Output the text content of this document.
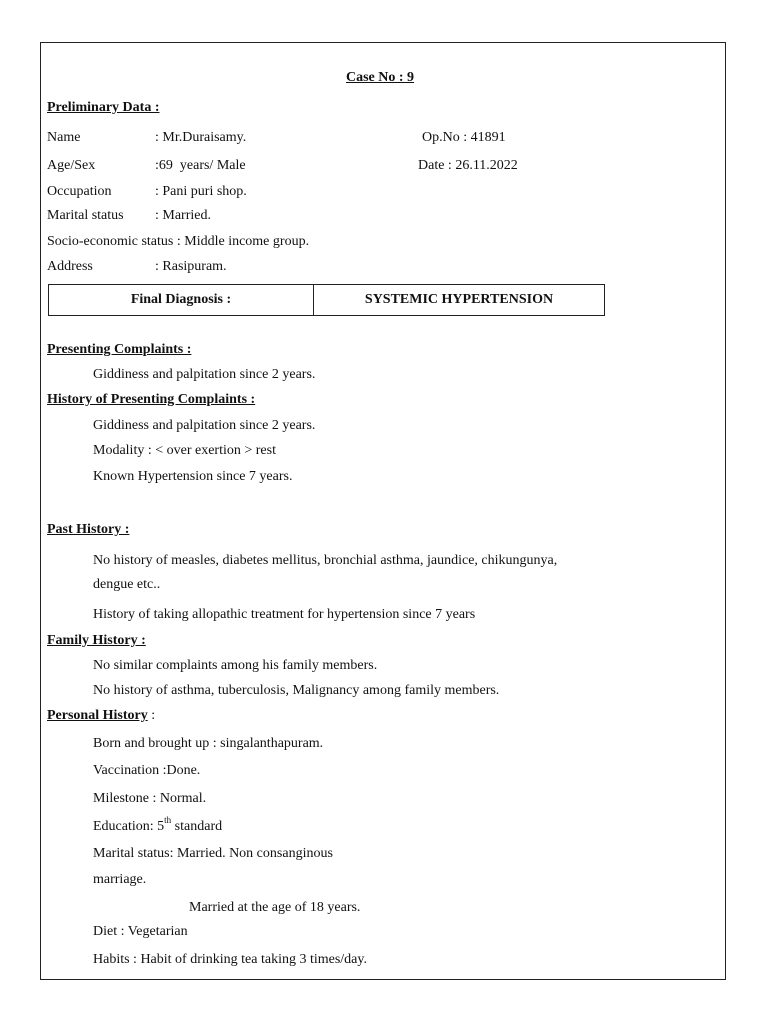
Case No : 9
Preliminary Data :
Name	: Mr.Duraisamy.	Op.No : 41891
Age/Sex	:69  years/ Male	Date : 26.11.2022
Occupation	: Pani puri shop.
Marital status : Married.
Socio-economic status : Middle income group.
Address	: Rasipuram.
Final Diagnosis :	SYSTEMIC HYPERTENSION
Presenting Complaints :
Giddiness and palpitation since 2 years.
History of Presenting Complaints :
Giddiness and palpitation since 2 years.
Modality : < over exertion > rest
Known Hypertension since 7 years.
Past History :
No history of measles, diabetes mellitus, bronchial asthma, jaundice, chikungunya,
dengue etc..
History of taking allopathic treatment for hypertension since 7 years
Family History :
No similar complaints among his family members.
No history of asthma, tuberculosis, Malignancy among family members.
Personal History :
Born and brought up : singalanthapuram.
Vaccination :Done.
Milestone : Normal.
Education: 5th standard
Marital status: Married. Non consanginous
marriage.
Married at the age of 18 years.
Diet : Vegetarian
Habits : Habit of drinking tea taking 3 times/day.
